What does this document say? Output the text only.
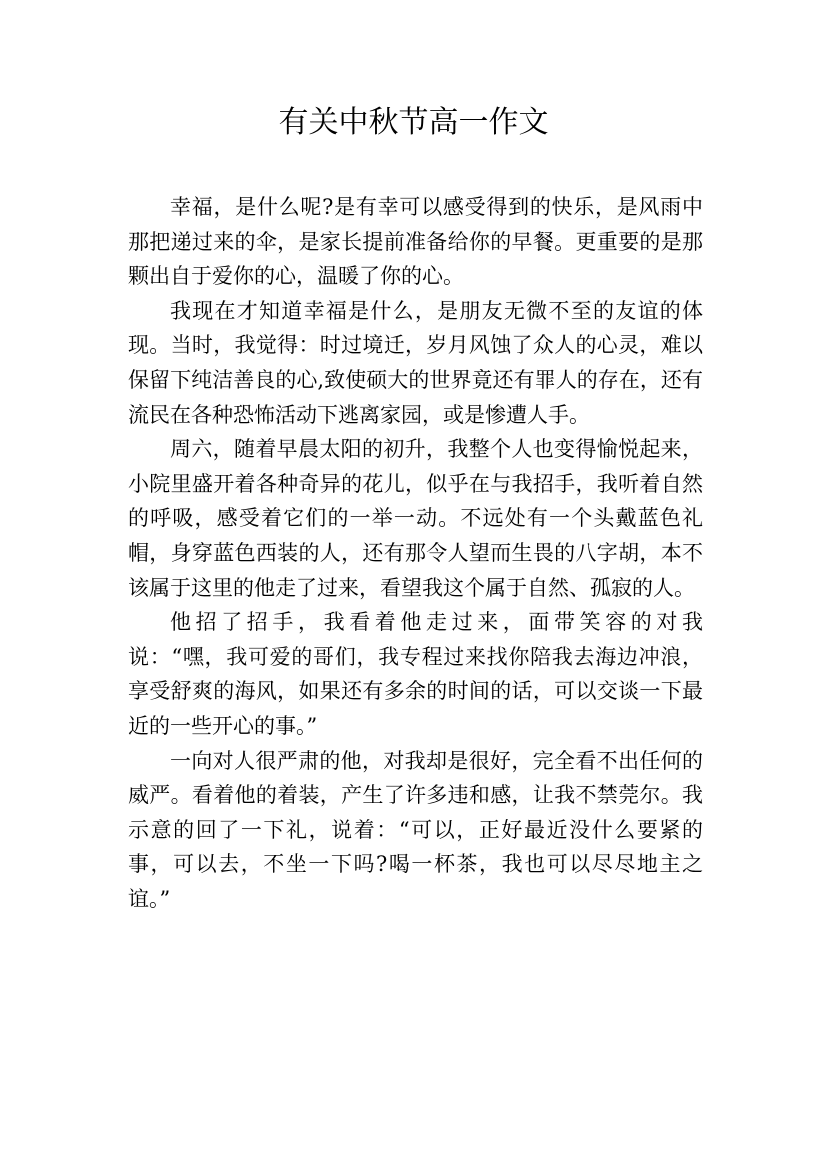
有关中秋节高一作文

幸福，是什么呢?是有幸可以感受得到的快乐，是风雨中那把递过来的伞，是家长提前准备给你的早餐。更重要的是那颗出自于爱你的心，温暖了你的心。

我现在才知道幸福是什么，是朋友无微不至的友谊的体现。当时，我觉得：时过境迁，岁月风蚀了众人的心灵，难以保留下纯洁善良的心,致使硕大的世界竟还有罪人的存在，还有流民在各种恐怖活动下逃离家园，或是惨遭人手。

周六，随着早晨太阳的初升，我整个人也变得愉悦起来，小院里盛开着各种奇异的花儿，似乎在与我招手，我听着自然的呼吸，感受着它们的一举一动。不远处有一个头戴蓝色礼帽，身穿蓝色西装的人，还有那令人望而生畏的八字胡，本不该属于这里的他走了过来，看望我这个属于自然、孤寂的人。

他招了招手，我看着他走过来，面带笑容的对我说：“嘿，我可爱的哥们，我专程过来找你陪我去海边冲浪，享受舒爽的海风，如果还有多余的时间的话，可以交谈一下最近的一些开心的事。”

一向对人很严肃的他，对我却是很好，完全看不出任何的威严。看着他的着装，产生了许多违和感，让我不禁莞尔。我示意的回了一下礼，说着：“可以，正好最近没什么要紧的事，可以去，不坐一下吗?喝一杯茶，我也可以尽尽地主之谊。”
